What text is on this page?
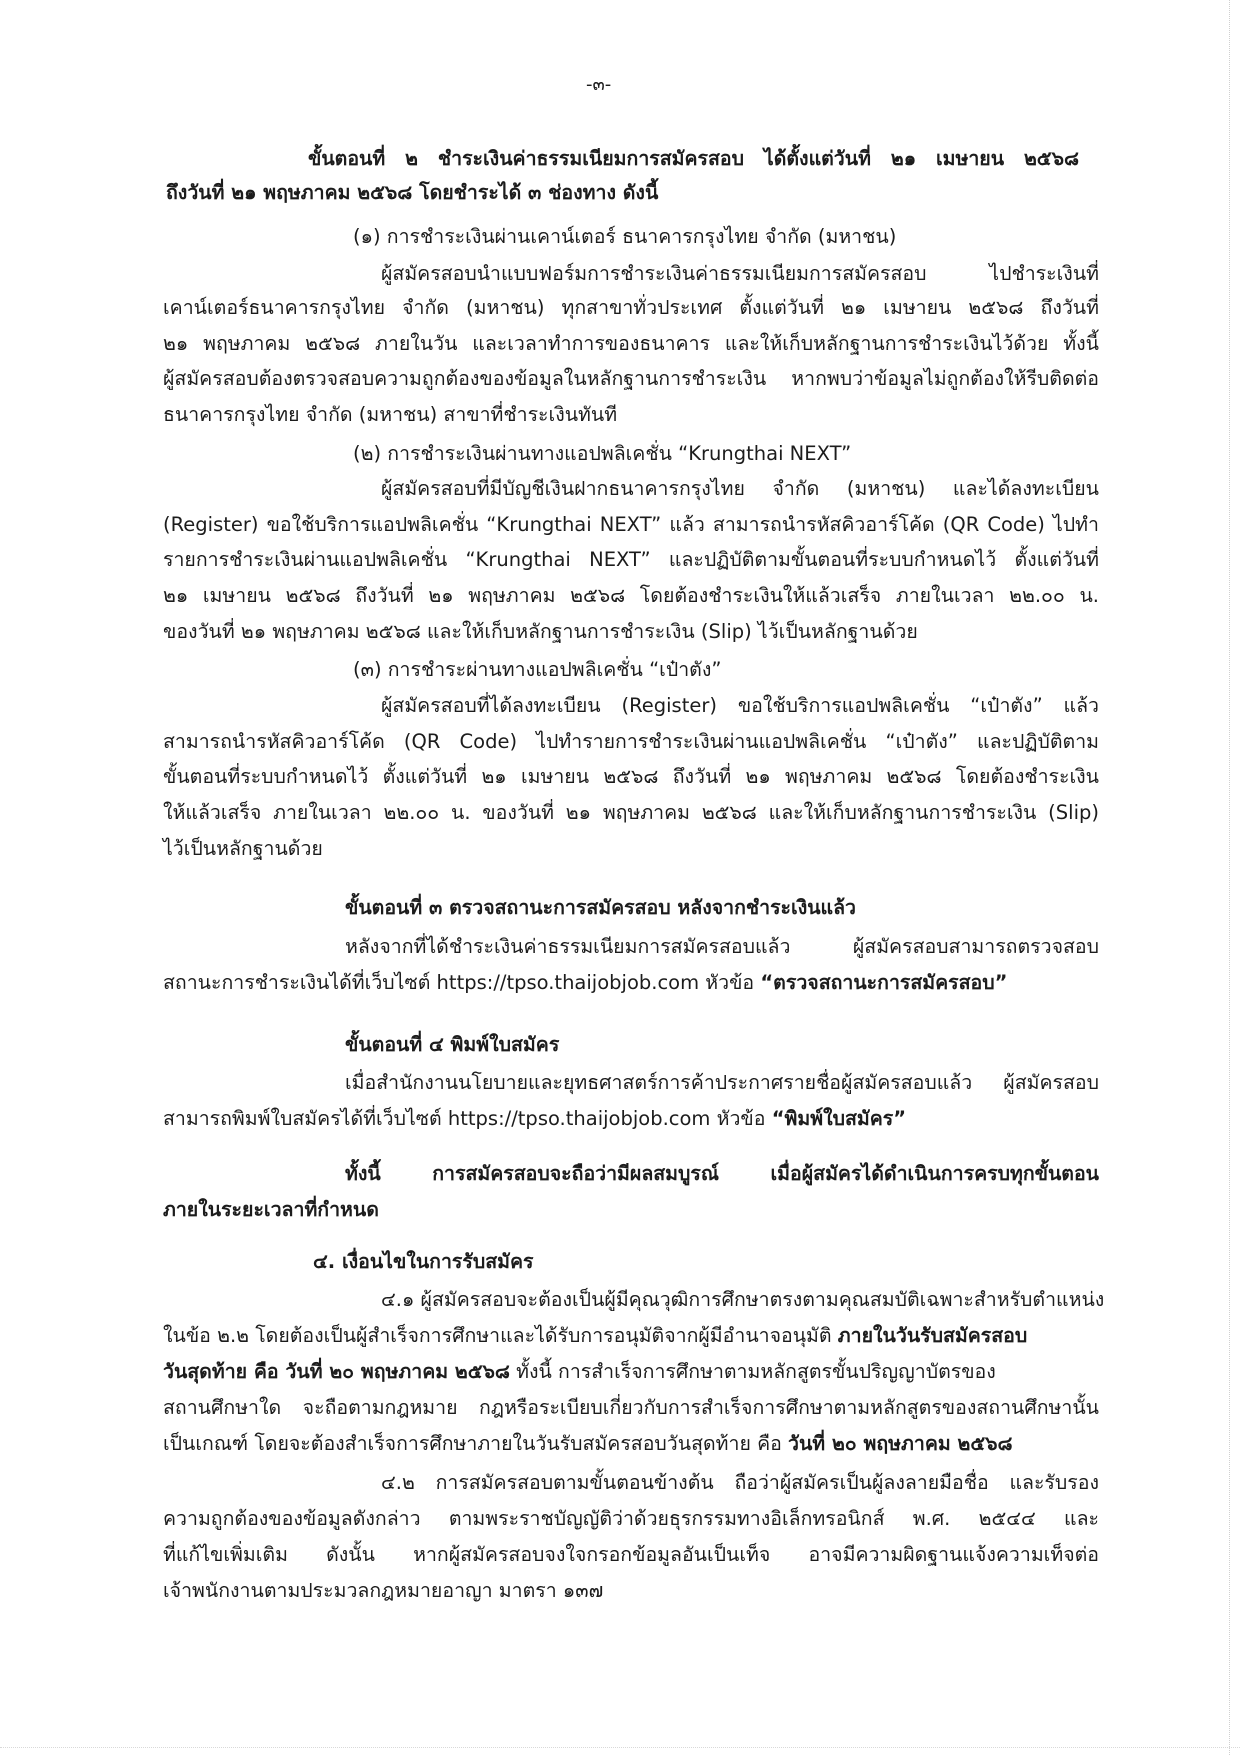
-๓-
ขั้นตอนที่ ๒ ชำระเงินค่าธรรมเนียมการสมัครสอบ ได้ตั้งแต่วันที่ ๒๑ เมษายน ๒๕๖๘
ถึงวันที่ ๒๑ พฤษภาคม ๒๕๖๘ โดยชำระได้ ๓ ช่องทาง ดังนี้
(๑) การชำระเงินผ่านเคาน์เตอร์ ธนาคารกรุงไทย จำกัด (มหาชน)
ผู้สมัครสอบนำแบบฟอร์มการชำระเงินค่าธรรมเนียมการสมัครสอบ ไปชำระเงินที่
เคาน์เตอร์ธนาคารกรุงไทย จำกัด (มหาชน) ทุกสาขาทั่วประเทศ ตั้งแต่วันที่ ๒๑ เมษายน ๒๕๖๘ ถึงวันที่
๒๑ พฤษภาคม ๒๕๖๘ ภายในวัน และเวลาทำการของธนาคาร และให้เก็บหลักฐานการชำระเงินไว้ด้วย ทั้งนี้
ผู้สมัครสอบต้องตรวจสอบความถูกต้องของข้อมูลในหลักฐานการชำระเงิน หากพบว่าข้อมูลไม่ถูกต้องให้รีบติดต่อ
ธนาคารกรุงไทย จำกัด (มหาชน) สาขาที่ชำระเงินทันที
(๒) การชำระเงินผ่านทางแอปพลิเคชั่น “Krungthai NEXT”
ผู้สมัครสอบที่มีบัญชีเงินฝากธนาคารกรุงไทย จำกัด (มหาชน) และได้ลงทะเบียน
(Register) ขอใช้บริการแอปพลิเคชั่น “Krungthai NEXT” แล้ว สามารถนำรหัสคิวอาร์โค้ด (QR Code) ไปทำ
รายการชำระเงินผ่านแอปพลิเคชั่น “Krungthai NEXT” และปฏิบัติตามขั้นตอนที่ระบบกำหนดไว้ ตั้งแต่วันที่
๒๑ เมษายน ๒๕๖๘ ถึงวันที่ ๒๑ พฤษภาคม ๒๕๖๘ โดยต้องชำระเงินให้แล้วเสร็จ ภายในเวลา ๒๒.๐๐ น.
ของวันที่ ๒๑ พฤษภาคม ๒๕๖๘ และให้เก็บหลักฐานการชำระเงิน (Slip) ไว้เป็นหลักฐานด้วย
(๓) การชำระผ่านทางแอปพลิเคชั่น “เป๋าตัง”
ผู้สมัครสอบที่ได้ลงทะเบียน (Register) ขอใช้บริการแอปพลิเคชั่น “เป๋าตัง” แล้ว
สามารถนำรหัสคิวอาร์โค้ด (QR Code) ไปทำรายการชำระเงินผ่านแอปพลิเคชั่น “เป๋าตัง” และปฏิบัติตาม
ขั้นตอนที่ระบบกำหนดไว้ ตั้งแต่วันที่ ๒๑ เมษายน ๒๕๖๘ ถึงวันที่ ๒๑ พฤษภาคม ๒๕๖๘ โดยต้องชำระเงิน
ให้แล้วเสร็จ ภายในเวลา ๒๒.๐๐ น. ของวันที่ ๒๑ พฤษภาคม ๒๕๖๘ และให้เก็บหลักฐานการชำระเงิน (Slip)
ไว้เป็นหลักฐานด้วย
ขั้นตอนที่ ๓ ตรวจสถานะการสมัครสอบ หลังจากชำระเงินแล้ว
หลังจากที่ได้ชำระเงินค่าธรรมเนียมการสมัครสอบแล้ว ผู้สมัครสอบสามารถตรวจสอบ
สถานะการชำระเงินได้ที่เว็บไซต์ https://tpso.thaijobjob.com หัวข้อ “ตรวจสถานะการสมัครสอบ”
ขั้นตอนที่ ๔ พิมพ์ใบสมัคร
เมื่อสำนักงานนโยบายและยุทธศาสตร์การค้าประกาศรายชื่อผู้สมัครสอบแล้ว ผู้สมัครสอบ
สามารถพิมพ์ใบสมัครได้ที่เว็บไซต์ https://tpso.thaijobjob.com หัวข้อ “พิมพ์ใบสมัคร”
ทั้งนี้ การสมัครสอบจะถือว่ามีผลสมบูรณ์ เมื่อผู้สมัครได้ดำเนินการครบทุกขั้นตอน
ภายในระยะเวลาที่กำหนด
๔. เงื่อนไขในการรับสมัคร
๔.๑ ผู้สมัครสอบจะต้องเป็นผู้มีคุณวุฒิการศึกษาตรงตามคุณสมบัติเฉพาะสำหรับตำแหน่ง
ในข้อ ๒.๒ โดยต้องเป็นผู้สำเร็จการศึกษาและได้รับการอนุมัติจากผู้มีอำนาจอนุมัติ ภายในวันรับสมัครสอบ
วันสุดท้าย คือ วันที่ ๒๐ พฤษภาคม ๒๕๖๘ ทั้งนี้ การสำเร็จการศึกษาตามหลักสูตรขั้นปริญญาบัตรของ
สถานศึกษาใด จะถือตามกฎหมาย กฎหรือระเบียบเกี่ยวกับการสำเร็จการศึกษาตามหลักสูตรของสถานศึกษานั้น
เป็นเกณฑ์ โดยจะต้องสำเร็จการศึกษาภายในวันรับสมัครสอบวันสุดท้าย คือ วันที่ ๒๐ พฤษภาคม ๒๕๖๘
๔.๒ การสมัครสอบตามขั้นตอนข้างต้น ถือว่าผู้สมัครเป็นผู้ลงลายมือชื่อ และรับรอง
ความถูกต้องของข้อมูลดังกล่าว ตามพระราชบัญญัติว่าด้วยธุรกรรมทางอิเล็กทรอนิกส์ พ.ศ. ๒๕๔๔ และ
ที่แก้ไขเพิ่มเติม ดังนั้น หากผู้สมัครสอบจงใจกรอกข้อมูลอันเป็นเท็จ อาจมีความผิดฐานแจ้งความเท็จต่อ
เจ้าพนักงานตามประมวลกฎหมายอาญา มาตรา ๑๓๗
